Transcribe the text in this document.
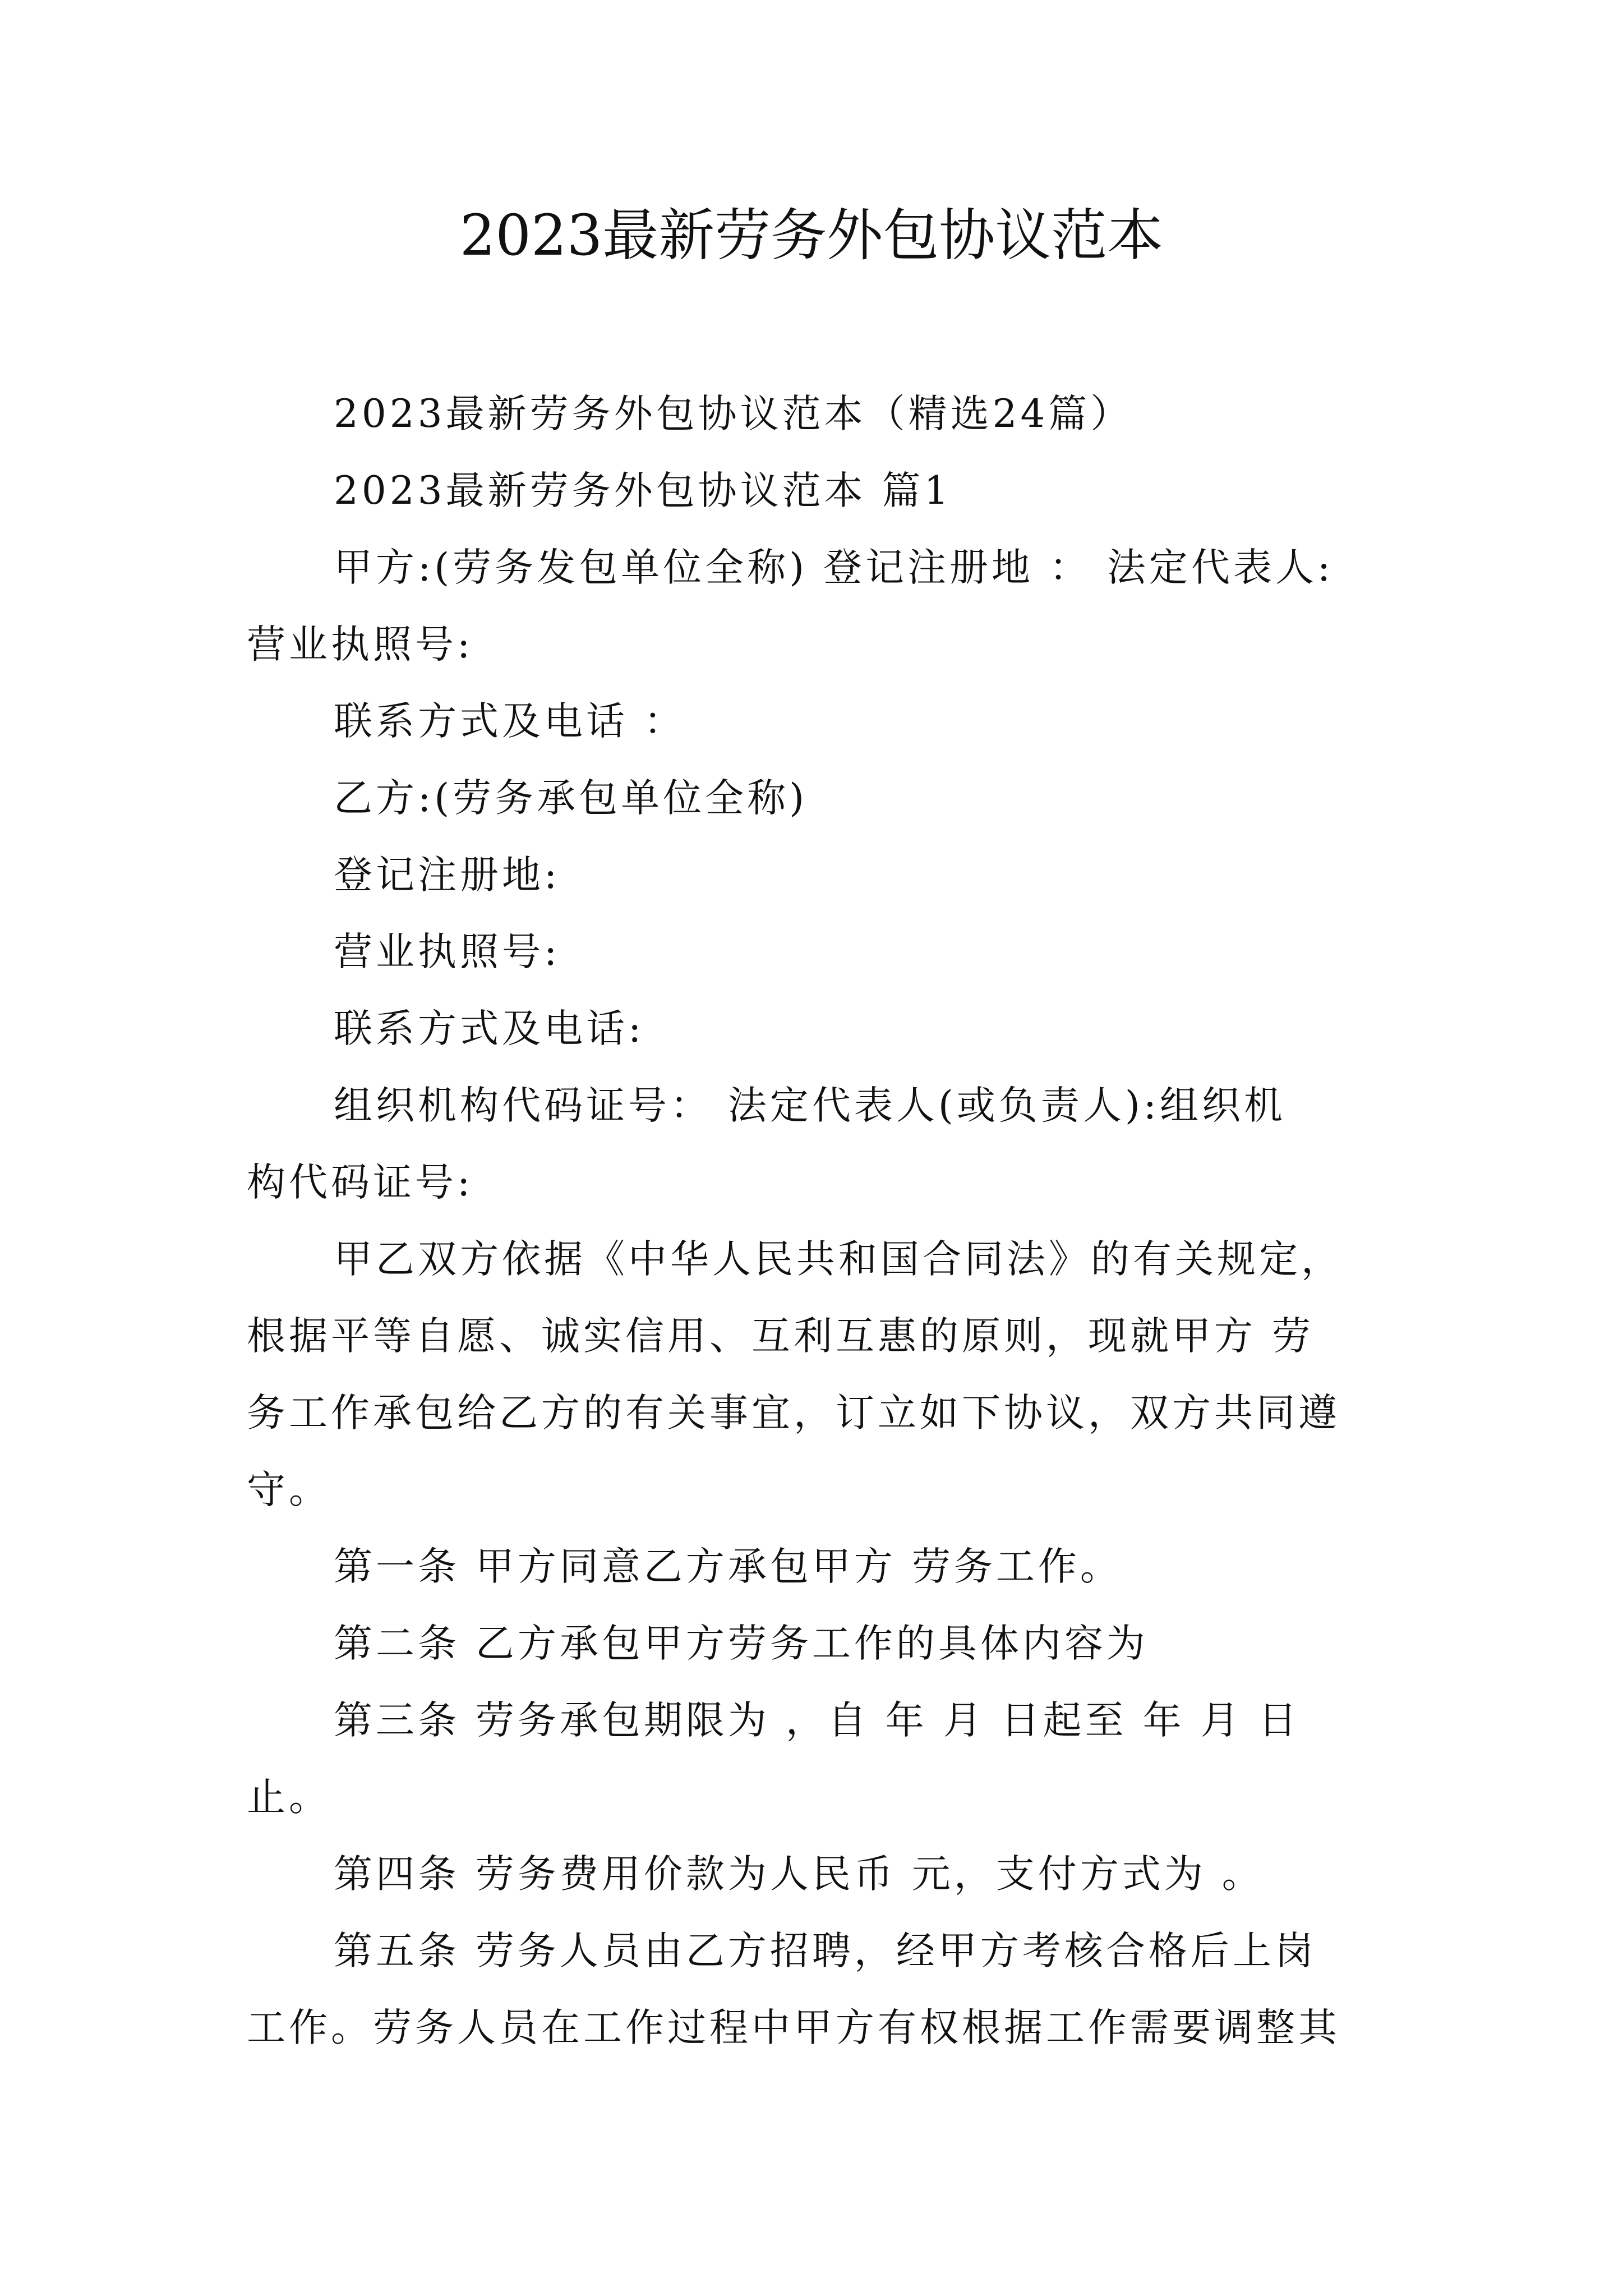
2023最新劳务外包协议范本
2023最新劳务外包协议范本（精选24篇）
2023最新劳务外包协议范本 篇1
甲方:(劳务发包单位全称) 登记注册地 ： 法定代表人:
营业执照号:
联系方式及电话 ：
乙方:(劳务承包单位全称)
登记注册地:
营业执照号:
联系方式及电话:
组织机构代码证号： 法定代表人(或负责人):组织机
构代码证号:
甲乙双方依据《中华人民共和国合同法》的有关规定，
根据平等自愿、诚实信用、互利互惠的原则，现就甲方 劳
务工作承包给乙方的有关事宜，订立如下协议，双方共同遵
守。
第一条 甲方同意乙方承包甲方 劳务工作。
第二条 乙方承包甲方劳务工作的具体内容为
第三条 劳务承包期限为 ，自 年 月 日起至 年 月 日
止。
第四条 劳务费用价款为人民币 元，支付方式为 。
第五条 劳务人员由乙方招聘，经甲方考核合格后上岗
工作。劳务人员在工作过程中甲方有权根据工作需要调整其
